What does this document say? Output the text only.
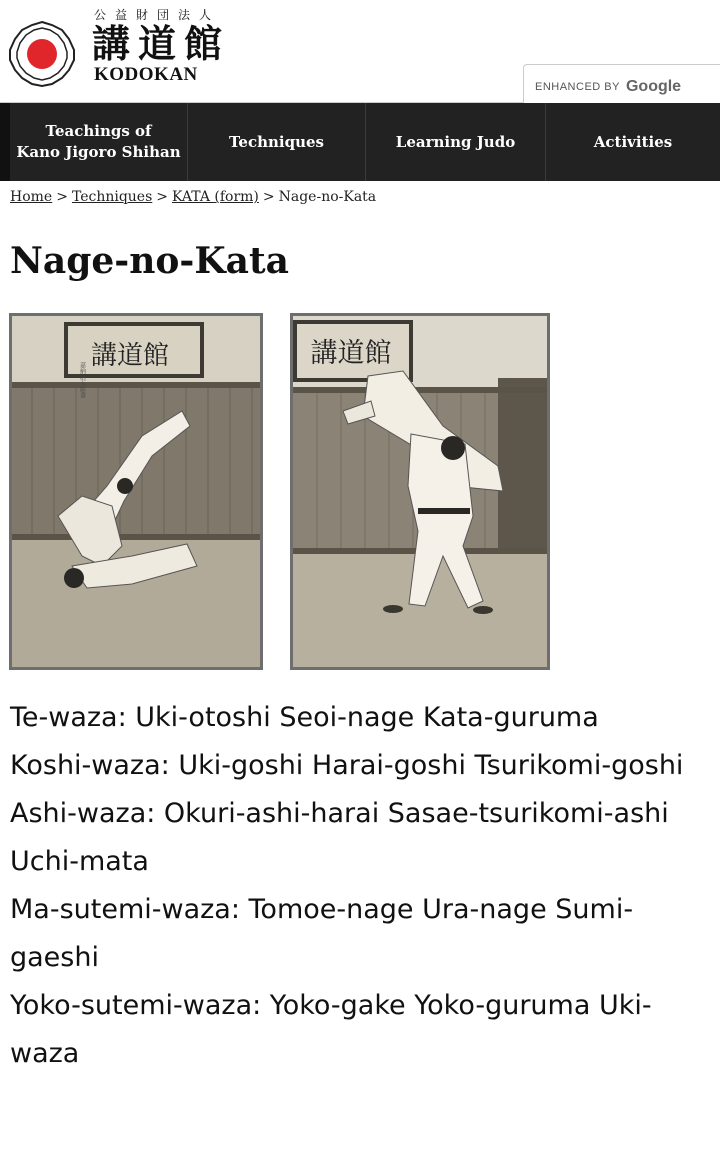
公益財団法人
講道館
KODOKAN
ENHANCED BY Google
Teachings of
Kano Jigoro Shihan
Techniques	Learning Judo	Activities
Home > Techniques > KATA (form) > Nage-no-Kata
Nage-no-Kata
講道館
嘉納治五郎書
講道館
Te-waza: Uki-otoshi Seoi-nage Kata-guruma
Koshi-waza: Uki-goshi Harai-goshi Tsurikomi-goshi
Ashi-waza: Okuri-ashi-harai Sasae-tsurikomi-ashi Uchi-mata
Ma-sutemi-waza: Tomoe-nage Ura-nage Sumi-gaeshi
Yoko-sutemi-waza: Yoko-gake Yoko-guruma Uki-waza
